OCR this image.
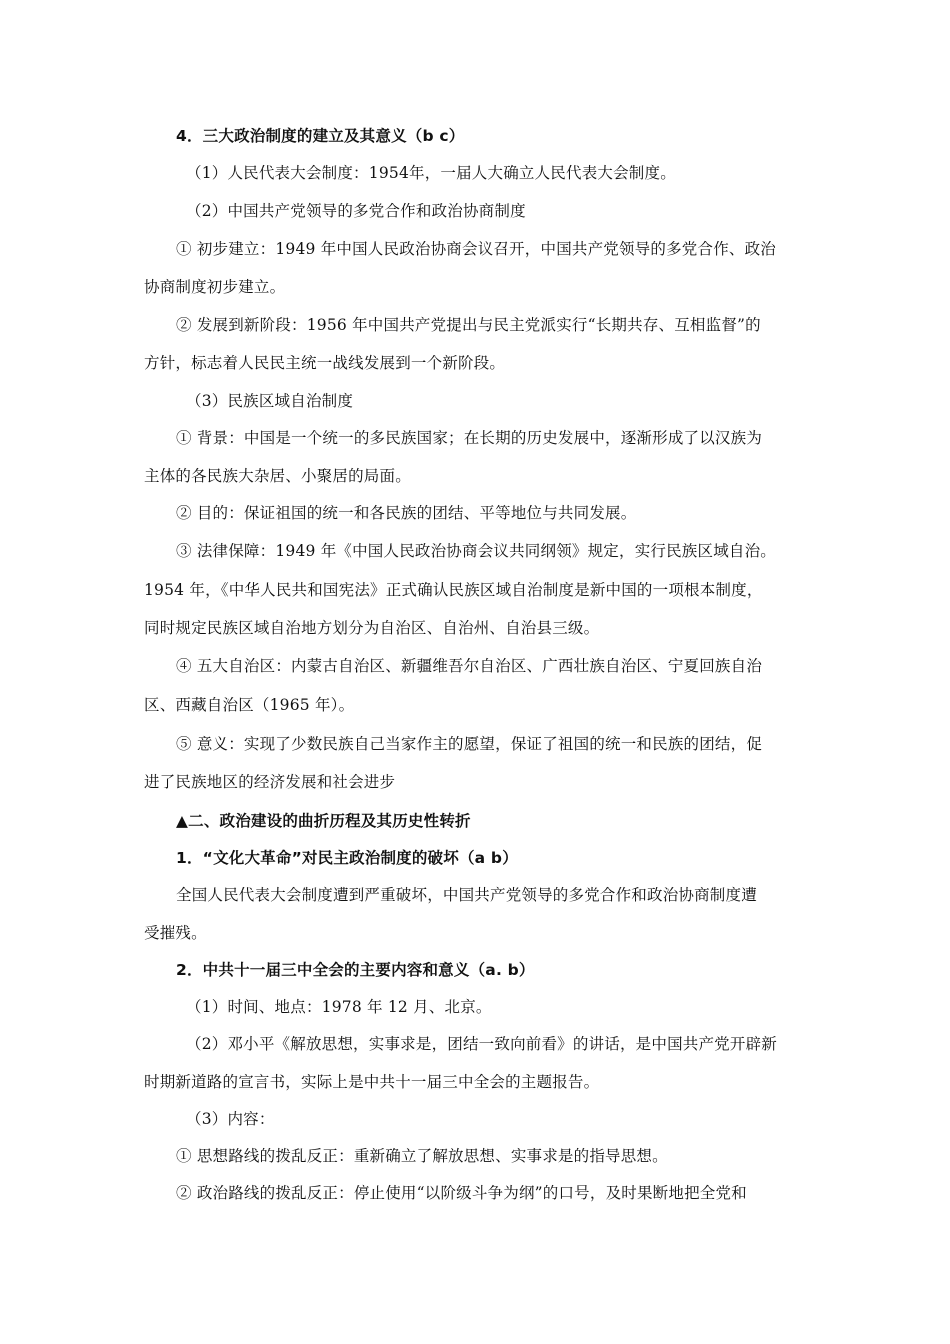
4．三大政治制度的建立及其意义（b c）
（1）人民代表大会制度：1954年，一届人大确立人民代表大会制度。
（2）中国共产党领导的多党合作和政治协商制度
① 初步建立：1949 年中国人民政治协商会议召开，中国共产党领导的多党合作、政治
协商制度初步建立。
② 发展到新阶段：1956 年中国共产党提出与民主党派实行“长期共存、互相监督”的
方针，标志着人民民主统一战线发展到一个新阶段。
（3）民族区域自治制度
① 背景：中国是一个统一的多民族国家；在长期的历史发展中，逐渐形成了以汉族为
主体的各民族大杂居、小聚居的局面。
② 目的：保证祖国的统一和各民族的团结、平等地位与共同发展。
③ 法律保障：1949 年《中国人民政治协商会议共同纲领》规定，实行民族区域自治。
1954 年，《中华人民共和国宪法》正式确认民族区域自治制度是新中国的一项根本制度，
同时规定民族区域自治地方划分为自治区、自治州、自治县三级。
④ 五大自治区：内蒙古自治区、新疆维吾尔自治区、广西壮族自治区、宁夏回族自治
区、西藏自治区（1965 年）。
⑤ 意义：实现了少数民族自己当家作主的愿望，保证了祖国的统一和民族的团结，促
进了民族地区的经济发展和社会进步
▲二、政治建设的曲折历程及其历史性转折
1．“文化大革命”对民主政治制度的破坏（a b）
全国人民代表大会制度遭到严重破坏，中国共产党领导的多党合作和政治协商制度遭
受摧残。
2．中共十一届三中全会的主要内容和意义（a. b）
（1）时间、地点：1978 年 12 月、北京。
（2）邓小平《解放思想，实事求是，团结一致向前看》的讲话，是中国共产党开辟新
时期新道路的宣言书，实际上是中共十一届三中全会的主题报告。
（3）内容：
① 思想路线的拨乱反正：重新确立了解放思想、实事求是的指导思想。
② 政治路线的拨乱反正：停止使用“以阶级斗争为纲”的口号，及时果断地把全党和
